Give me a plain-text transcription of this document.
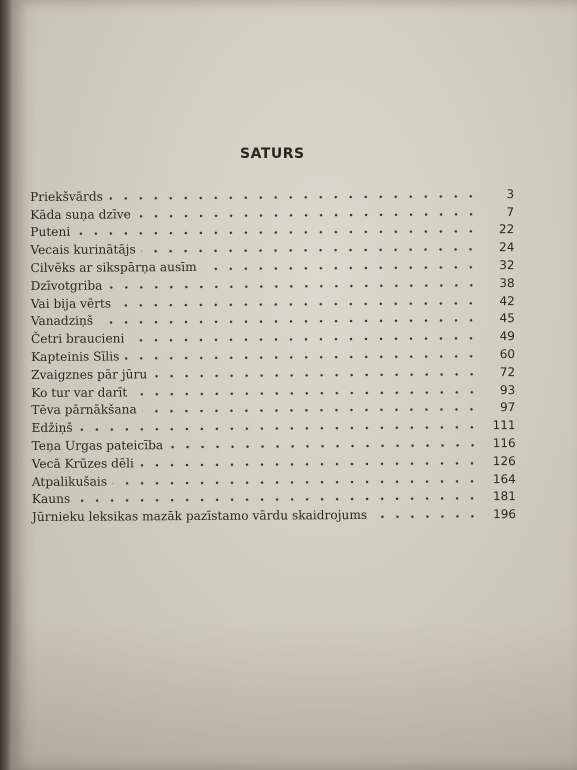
SATURS
Priekšvārds	3
Kāda suņa dzīve	7
Puteni	22
Vecais kurinātājs	24
Cilvēks ar sikspārņa ausīm	32
Dzīvotgriba	38
Vai bija vērts	42
Vanadziņš	45
Četri braucieni	49
Kapteinis Sīlis	60
Zvaigznes pār jūru	72
Ko tur var darīt	93
Tēva pārnākšana	97
Edžiņš	111
Teņa Urgas pateicība	116
Vecā Krūzes dēli	126
Atpalikušais	164
Kauns	181
Jūrnieku leksikas mazāk pazīstamo vārdu skaidrojums	196
